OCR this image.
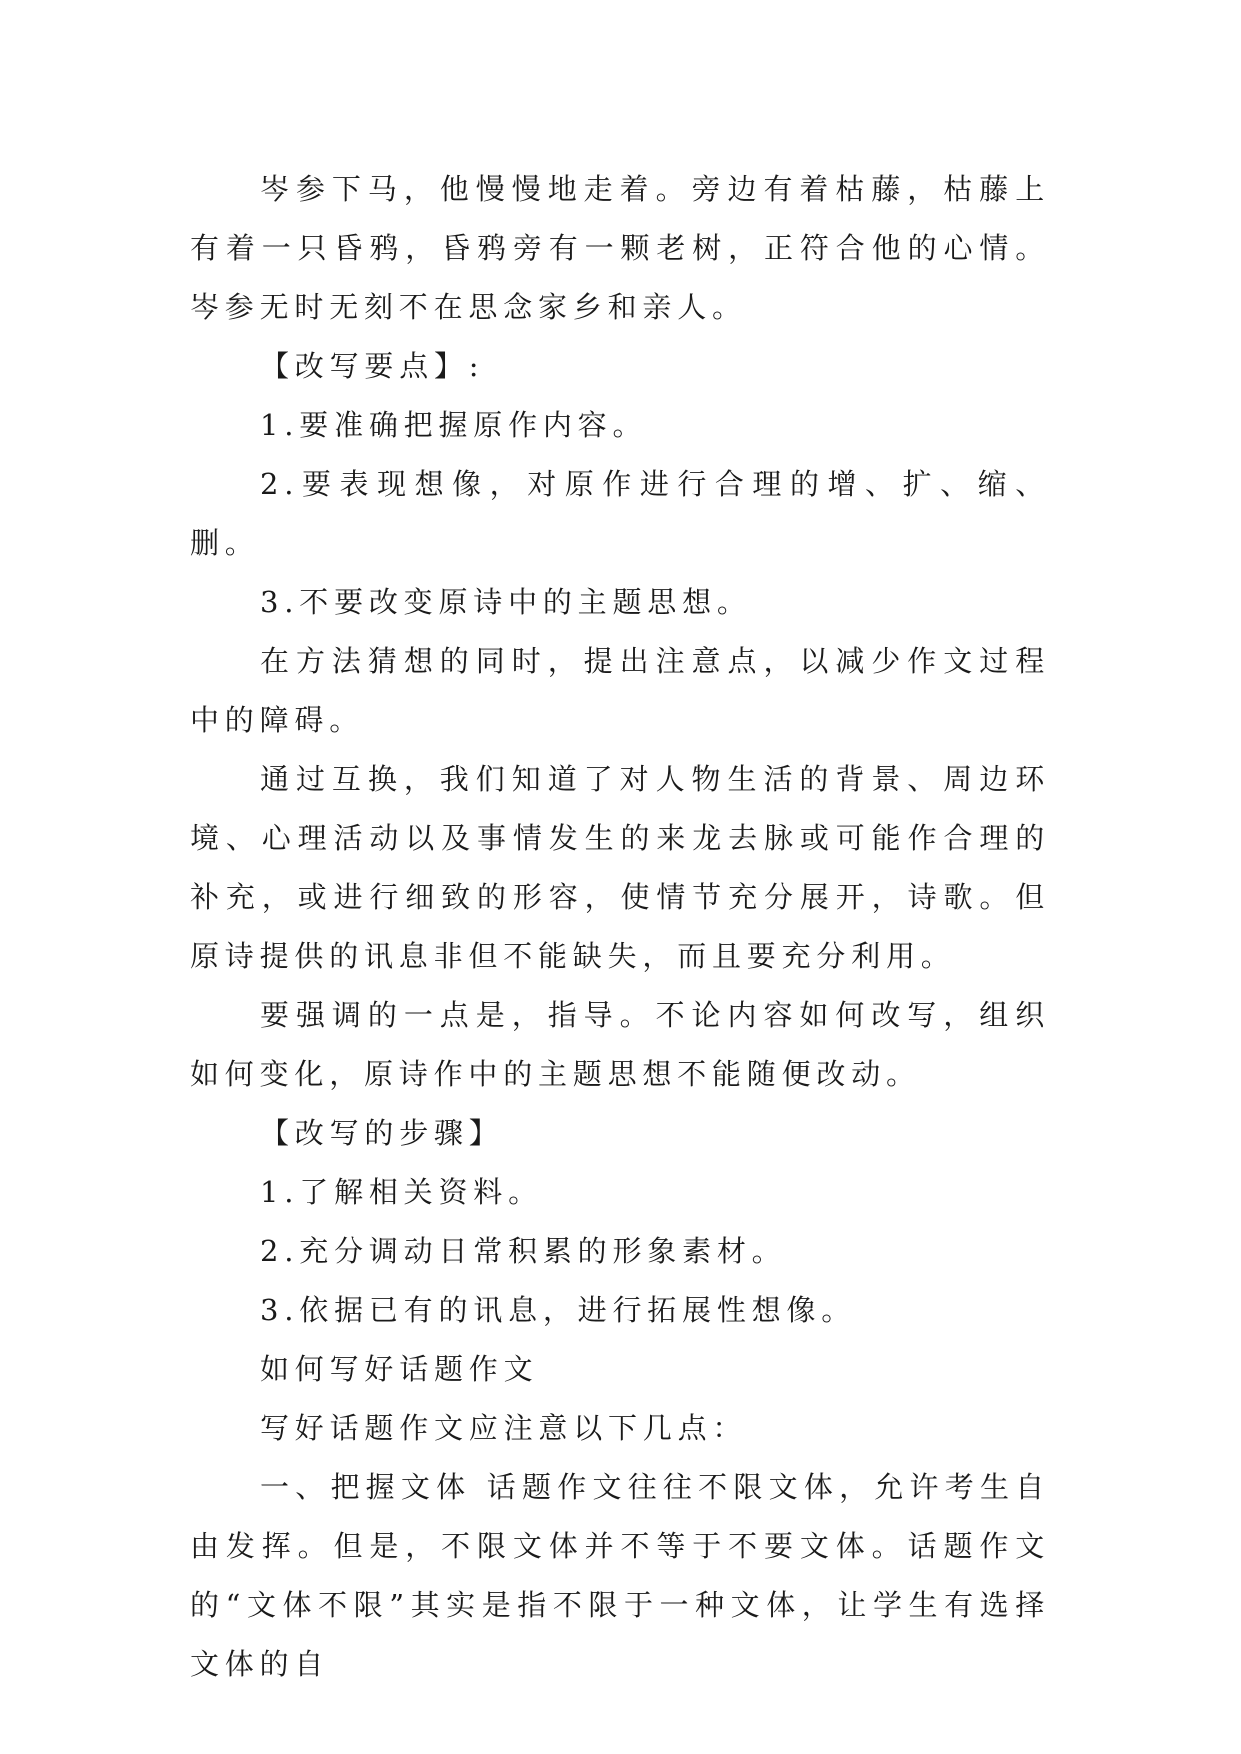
岑参下马，他慢慢地走着。旁边有着枯藤，枯藤上有着一只昏鸦，昏鸦旁有一颗老树，正符合他的心情。岑参无时无刻不在思念家乡和亲人。

【改写要点】:

1.要准确把握原作内容。

2.要表现想像，对原作进行合理的增、扩、缩、删。

3.不要改变原诗中的主题思想。

在方法猜想的同时，提出注意点，以减少作文过程中的障碍。

通过互换，我们知道了对人物生活的背景、周边环境、心理活动以及事情发生的来龙去脉或可能作合理的补充，或进行细致的形容，使情节充分展开，诗歌。但原诗提供的讯息非但不能缺失，而且要充分利用。

要强调的一点是，指导。不论内容如何改写，组织如何变化，原诗作中的主题思想不能随便改动。

【改写的步骤】

1.了解相关资料。

2.充分调动日常积累的形象素材。

3.依据已有的讯息，进行拓展性想像。

如何写好话题作文

写好话题作文应注意以下几点：

一、把握文体 话题作文往往不限文体，允许考生自由发挥。但是，不限文体并不等于不要文体。话题作文的“文体不限”其实是指不限于一种文体，让学生有选择文体的自
